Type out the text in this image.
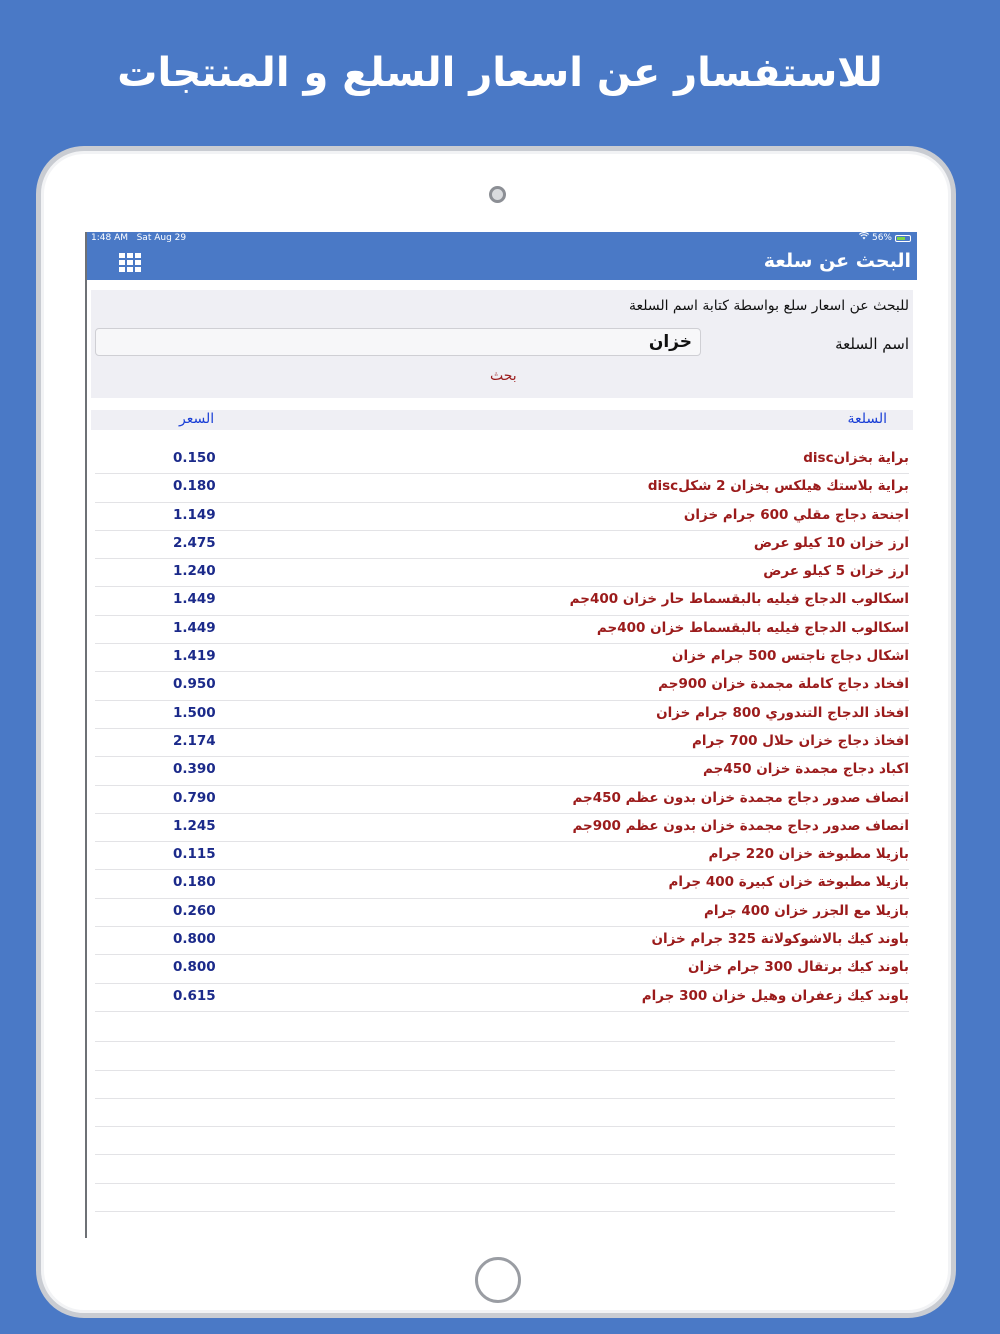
للاستفسار عن اسعار السلع و المنتجات
1:48 AM Sat Aug 29	56%
البحث عن سلعة
للبحث عن اسعار سلع بواسطة كتابة اسم السلعة
اسم السلعة
خزان
بحث
السلعة
السعر
براية بخزانdisc
0.150
براية بلاستك هيلكس بخزان 2 شكلdisc
0.180
اجنحة دجاج مقلي 600 جرام خزان
1.149
ارز خزان 10 كيلو عرض
2.475
ارز خزان 5 كيلو عرض
1.240
اسكالوب الدجاج فيليه بالبقسماط حار خزان 400جم
1.449
اسكالوب الدجاج فيليه بالبقسماط خزان 400جم
1.449
اشكال دجاج ناجتس 500 جرام خزان
1.419
افخاد دجاج كاملة مجمدة خزان 900جم
0.950
افخاذ الدجاج التندوري 800 جرام خزان
1.500
افخاذ دجاج خزان حلال 700 جرام
2.174
اكباد دجاج مجمدة خزان 450جم
0.390
انصاف صدور دجاج مجمدة خزان بدون عظم 450جم
0.790
انصاف صدور دجاج مجمدة خزان بدون عظم 900جم
1.245
بازيلا مطبوخة خزان 220 جرام
0.115
بازيلا مطبوخة خزان كبيرة 400 جرام
0.180
بازيلا مع الجزر خزان 400 جرام
0.260
باوند كيك بالاشوكولاتة 325 جرام خزان
0.800
باوند كيك برتقال 300 جرام خزان
0.800
باوند كيك زعفران وهيل خزان 300 جرام
0.615
